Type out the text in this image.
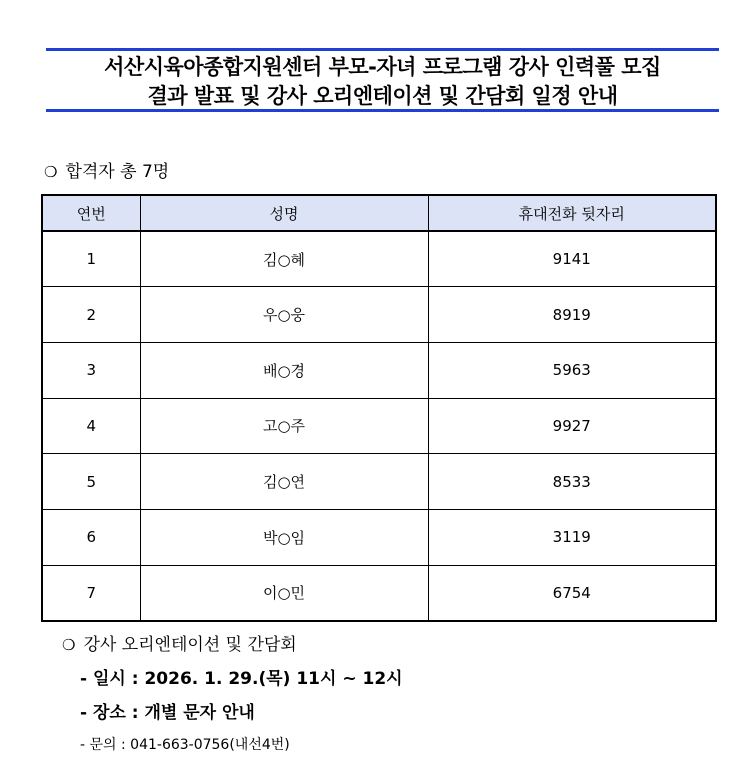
서산시육아종합지원센터 부모-자녀 프로그램 강사 인력풀 모집
결과 발표 및 강사 오리엔테이션 및 간담회 일정 안내
❍ 합격자 총 7명
연번	성명	휴대전화 뒷자리
1	김○혜	9141
2	우○웅	8919
3	배○경	5963
4	고○주	9927
5	김○연	8533
6	박○임	3119
7	이○민	6754
❍ 강사 오리엔테이션 및 간담회
- 일시 : 2026. 1. 29.(목) 11시 ~ 12시
- 장소 : 개별 문자 안내
- 문의 : 041-663-0756(내선4번)
